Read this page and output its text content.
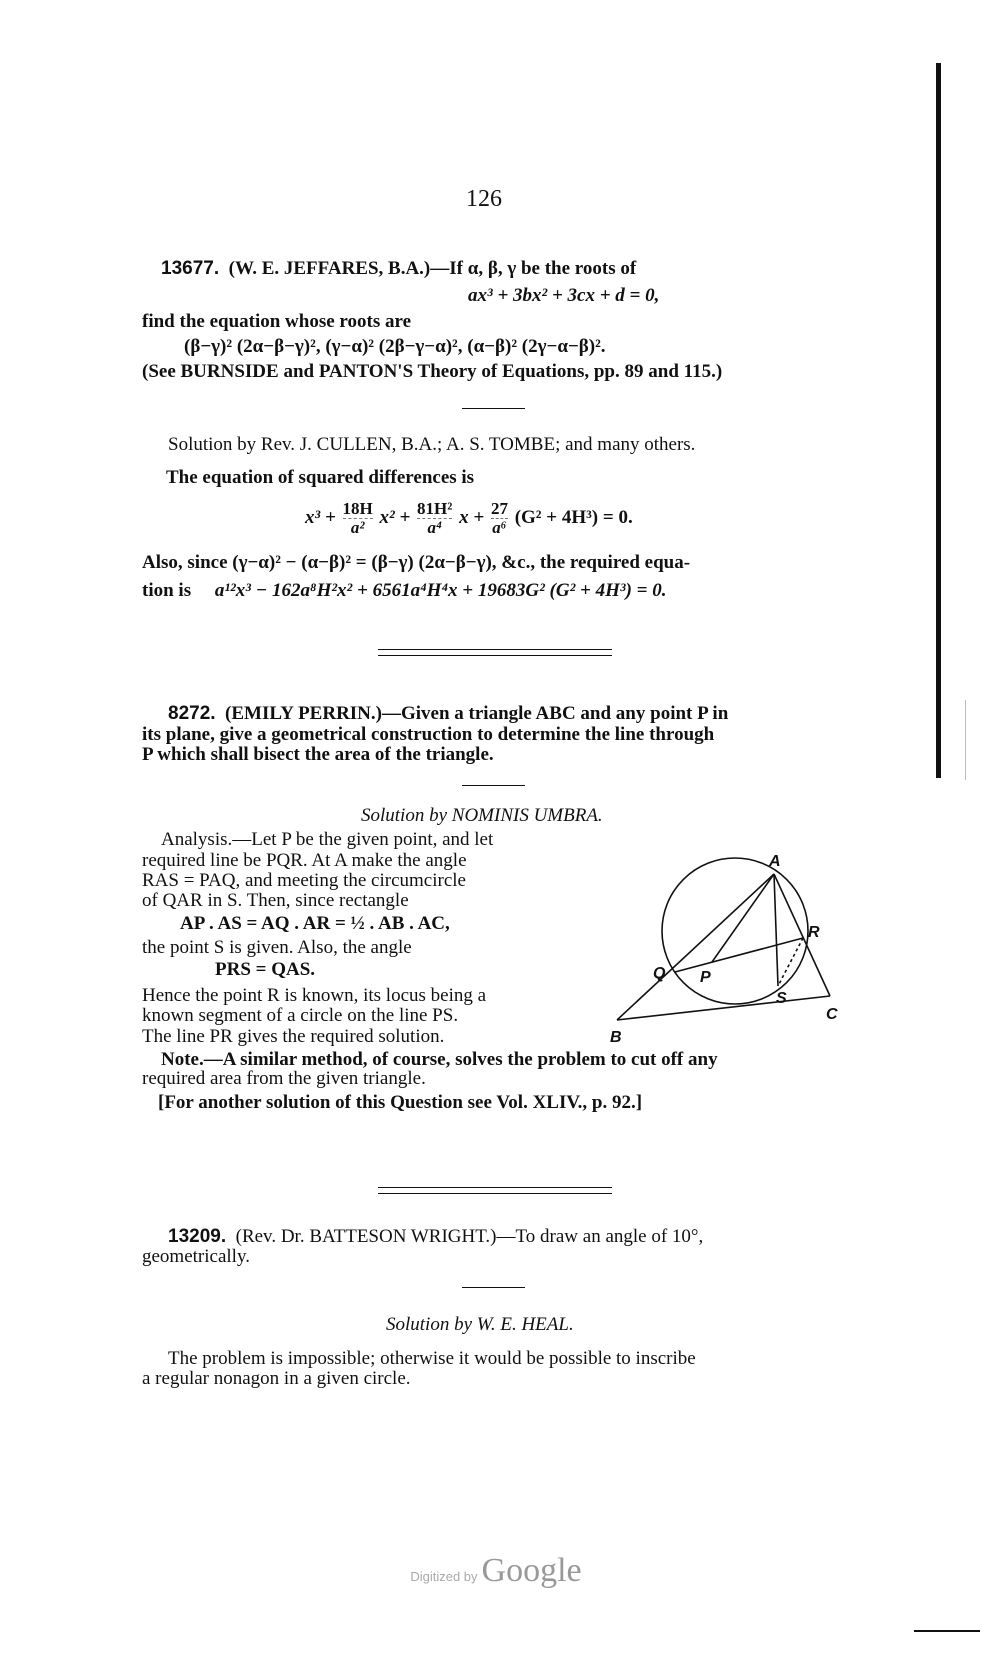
126
13677. (W. E. JEFFARES, B.A.)—If α, β, γ be the roots of
ax³ + 3bx² + 3cx + d = 0,
find the equation whose roots are
(β−γ)² (2α−β−γ)², (γ−α)² (2β−γ−α)², (α−β)² (2γ−α−β)².
(See BURNSIDE and PANTON'S Theory of Equations, pp. 89 and 115.)
Solution by Rev. J. CULLEN, B.A.; A. S. TOMBE; and many others.
The equation of squared differences is
$x^3 + \frac{18H}{\text{a²}} x^2 + \frac{\text{81H²}}{\text{a⁴}}$ $x + \frac{27}{\text{a⁶}} (G^2 + 4H^3) = 0$.
Also, since (γ−α)² − (α−β)² = (β−γ) (2α−β−γ), &c., the required equa-
tion is a¹²x³ − 162a⁸H²x² + 6561a⁴H⁴x + 19683G² (G² + 4H³) = 0.
8272. (EMILY PERRIN.)—Given a triangle ABC and any point P in
its plane, give a geometrical construction to determine the line through
P which shall bisect the area of the triangle.
Solution by NOMINIS UMBRA.
Analysis.—Let P be the given point, and let
required line be PQR. At A make the angle
RAS = PAQ, and meeting the circumcircle
of QAR in S. Then, since rectangle
AP . AS = AQ . AR = ½ . AB . AC,
the point S is given. Also, the angle
PRS = QAS.
Hence the point R is known, its locus being a
known segment of a circle on the line PS.
The line PR gives the required solution.
Note.—A similar method, of course, solves the problem to cut off any
required area from the given triangle.
[For another solution of this Question see Vol. XLIV., p. 92.]
A
R
Q P
S
B
C
13209. (Rev. Dr. BATTESON WRIGHT.)—To draw an angle of 10°,
geometrically.
Solution by W. E. HEAL.
The problem is impossible; otherwise it would be possible to inscribe
a regular nonagon in a given circle.
Digitized by Google
